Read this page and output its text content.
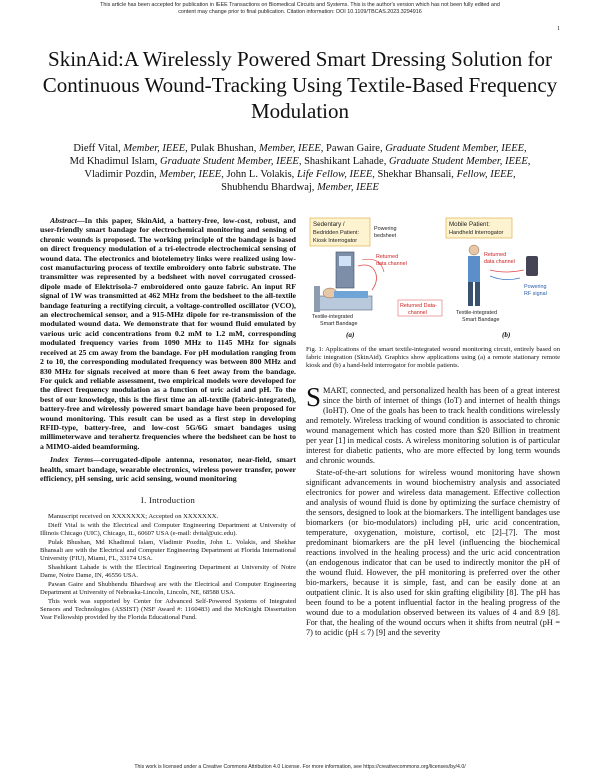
This article has been accepted for publication in IEEE Transactions on Biomedical Circuits and Systems. This is the author's version which has not been fully edited and
content may change prior to final publication. Citation information: DOI 10.1109/TBCAS.2023.3294916
1
SkinAid:A Wirelessly Powered Smart Dressing Solution for Continuous Wound-Tracking Using Textile-Based Frequency Modulation
Dieff Vital, Member, IEEE, Pulak Bhushan, Member, IEEE, Pawan Gaire, Graduate Student Member, IEEE,
Md Khadimul Islam, Graduate Student Member, IEEE, Shashikant Lahade, Graduate Student Member, IEEE,
Vladimir Pozdin, Member, IEEE, John L. Volakis, Life Fellow, IEEE, Shekhar Bhansali, Fellow, IEEE,
Shubhendu Bhardwaj, Member, IEEE

Abstract—In this paper, SkinAid, a battery-free, low-cost, robust, and user-friendly smart bandage for electrochemical monitoring and sensing of chronic wounds is proposed. The working principle of the bandage is based on direct frequency modulation of a tri-electrode electrochemical sensing of wound data. The electronics and biotelemetry links were realized using low-cost manufacturing process of textile embroidery onto fabric substrate. The transmitter was represented by a bedsheet with novel corrugated crossed-dipole made of Elektrisola-7 embroidered onto gauze fabric. An input RF signal of 1W was transmitted at 462 MHz from the bedsheet to the all-textile bandage featuring a rectifying circuit, a voltage-controlled oscillator (VCO), an electrochemical sensor, and a 915-MHz dipole for re-transmission of the modulated wound data. We demonstrate that for wound fluid emulated by various uric acid concentrations from 0.2 mM to 1.2 mM, corresponding modulated frequency varies from 1090 MHz to 1145 MHz for signals received at 25 cm away from the bandage. For pH modulation ranging from 2 to 10, the corresponding modulated frequency was between 800 MHz and 830 MHz for signals received at more than 6 feet away from the bandage. For quick and reliable assessment, two empirical models were developed for the direct frequency modulation as a function of uric acid and pH. To the best of our knowledge, this is the first time an all-textile (fabric-integrated), battery-free and wirelessly powered smart bandage have been proposed for wound monitoring. This result can be used as a first step in developing RFID-type, battery-free, and low-cost 5G/6G smart bandages using millimeterwave and terahertz frequencies where the bedsheet can be host to a MIMO-aided beamforming.

Index Terms—corrugated-dipole antenna, resonator, near-field, smart health, smart bandage, wearable electronics, wireless power transfer, power efficiency, pH sensing, uric acid sensing, wound monitoring

I. Introduction

Manuscript received on XXXXXXX; Accepted on XXXXXXX.

Dieff Vital is with the Electrical and Computer Engineering Department at University of Illinois Chicago (UIC), Chicago, IL, 60607 USA (e-mail: dvital@uic.edu).

Pulak Bhushan, Md Khadimul Islam, Vladimir Pozdin, John L. Volakis, and Shekhar Bhansali are with the Electrical and Computer Engineering Department at Florida International University (FIU), Miami, FL, 33174 USA.

Shashikant Lahade is with the Electrical Engineering Department at University of Notre Dame, Notre Dame, IN, 46556 USA.

Pawan Gaire and Shubhendu Bhardwaj are with the Electrical and Computer Engineering Department at University of Nebraska-Lincoln, Lincoln, NE, 68588 USA.

This work was supported by Center for Advanced Self-Powered Systems of Integrated Sensors and Technologies (ASSIST) (NSF Award #: 1160483) and the McKnight Dissertation Year Fellowship provided by the Florida Educational Fund.

Sedentary /
Bedridden Patient:
Kiosk Interrogator
Powering
bedsheet
Returned
data channel
Textile-integrated
Smart Bandage
(a)
Returned Data-
channel
Mobile Patient:
Handheld Interrogator
Returned
data channel
Powering
RF signal
Textile-integrated
Smart Bandage
(b)
Fig. 1: Applications of the smart textile-integrated wound monitoring circuit, entirely based on fabric integration (SkinAid). Graphics show applications using (a) a remote stationary remote kiosk and (b) a hand-held interrogator for mobile patients.

SMART, connected, and personalized health has been of a great interest since the birth of internet of things (IoT) and internet of health things (IoHT). One of the goals has been to track health conditions wirelessly and remotely. Wireless tracking of wound condition is associated to chronic wound management which has costed more than $20 Billion in treatment per year [1] in medical costs. A wireless monitoring solution is of particular interest for diabetic patients, who are more effected by long term wounds and chronic wounds.

State-of-the-art solutions for wireless wound monitoring have shown significant advancements in wound biochemistry analysis and associated electronics for power and wireless data management. Effective collection and analysis of wound fluid is done by optimizing the surface chemistry of the sensors, designed to look at the biomarkers. The intelligent bandages use biomarkers (or bio-modulators) including pH, uric acid concentration, temperature, oxygenation, moisture, cortisol, etc [2]–[7]. The most predominant biomarkers are the pH level (influencing the biochemical reactions involved in the healing process) and the uric acid concentration (an endogenous indicator that can be used to indirectly monitor the pH of the wound fluid. However, the pH monitoring is preferred over the other bio-markers, because it is simple, fast, and can be easily done at an outpatient clinic. It is also used for skin grafting eligibility [8]. The pH has been found to be a potent influential factor in the healing progress of the wound due to a modulation observed between its values of 4 and 8.9 [8]. For that, the healing of the wound occurs when it shifts from neutral (pH = 7) to acidic (pH ≤ 7) [9] and the severity

This work is licensed under a Creative Commons Attribution 4.0 License. For more information, see https://creativecommons.org/licenses/by/4.0/
